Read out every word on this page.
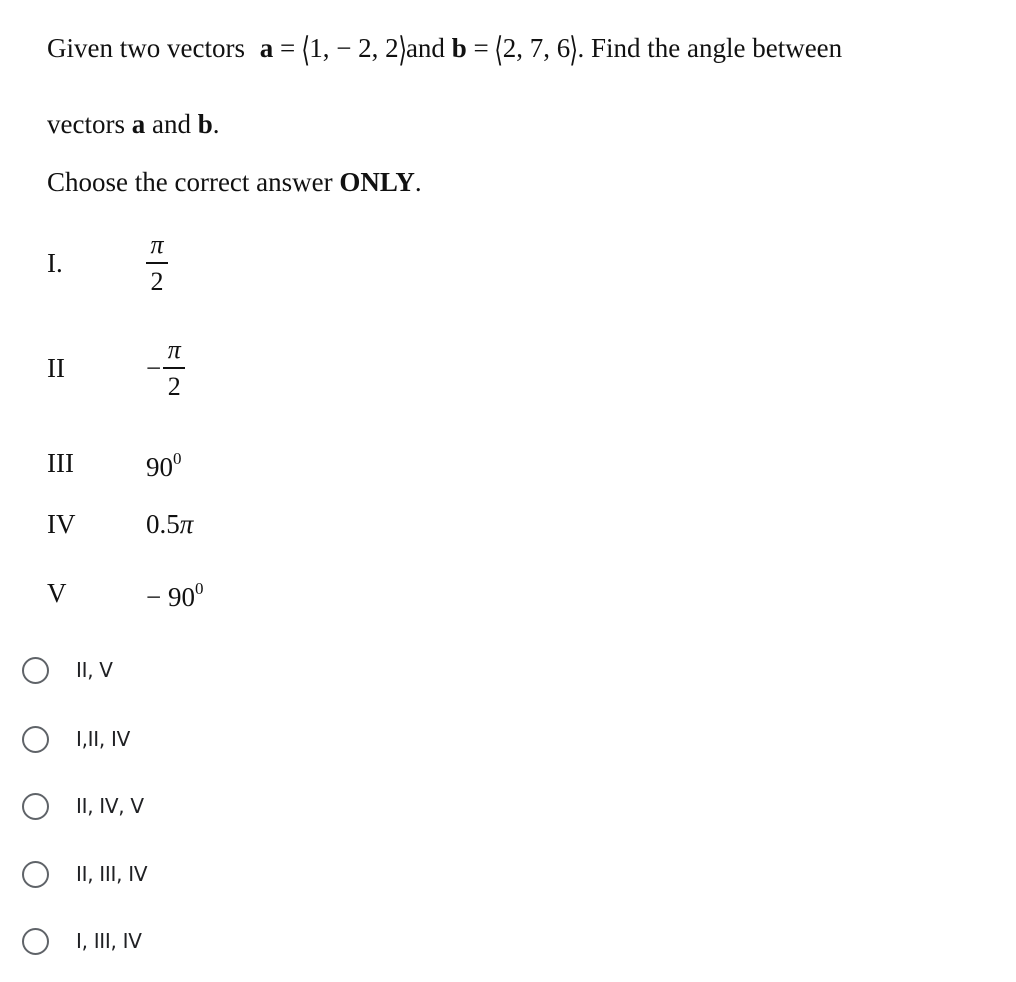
Given two vectors a = ⟨1, − 2, 2⟩and b = ⟨2, 7, 6⟩. Find the angle between
vectors a and b.
Choose the correct answer ONLY.
I.	$\frac{\pi}{2}$
II	− $\frac{\pi}{2}$
III	$90^0$
IV	0.5π
V	− $90^0$
II, V
I,II, IV
II, IV, V
II, III, IV
I, III, IV
